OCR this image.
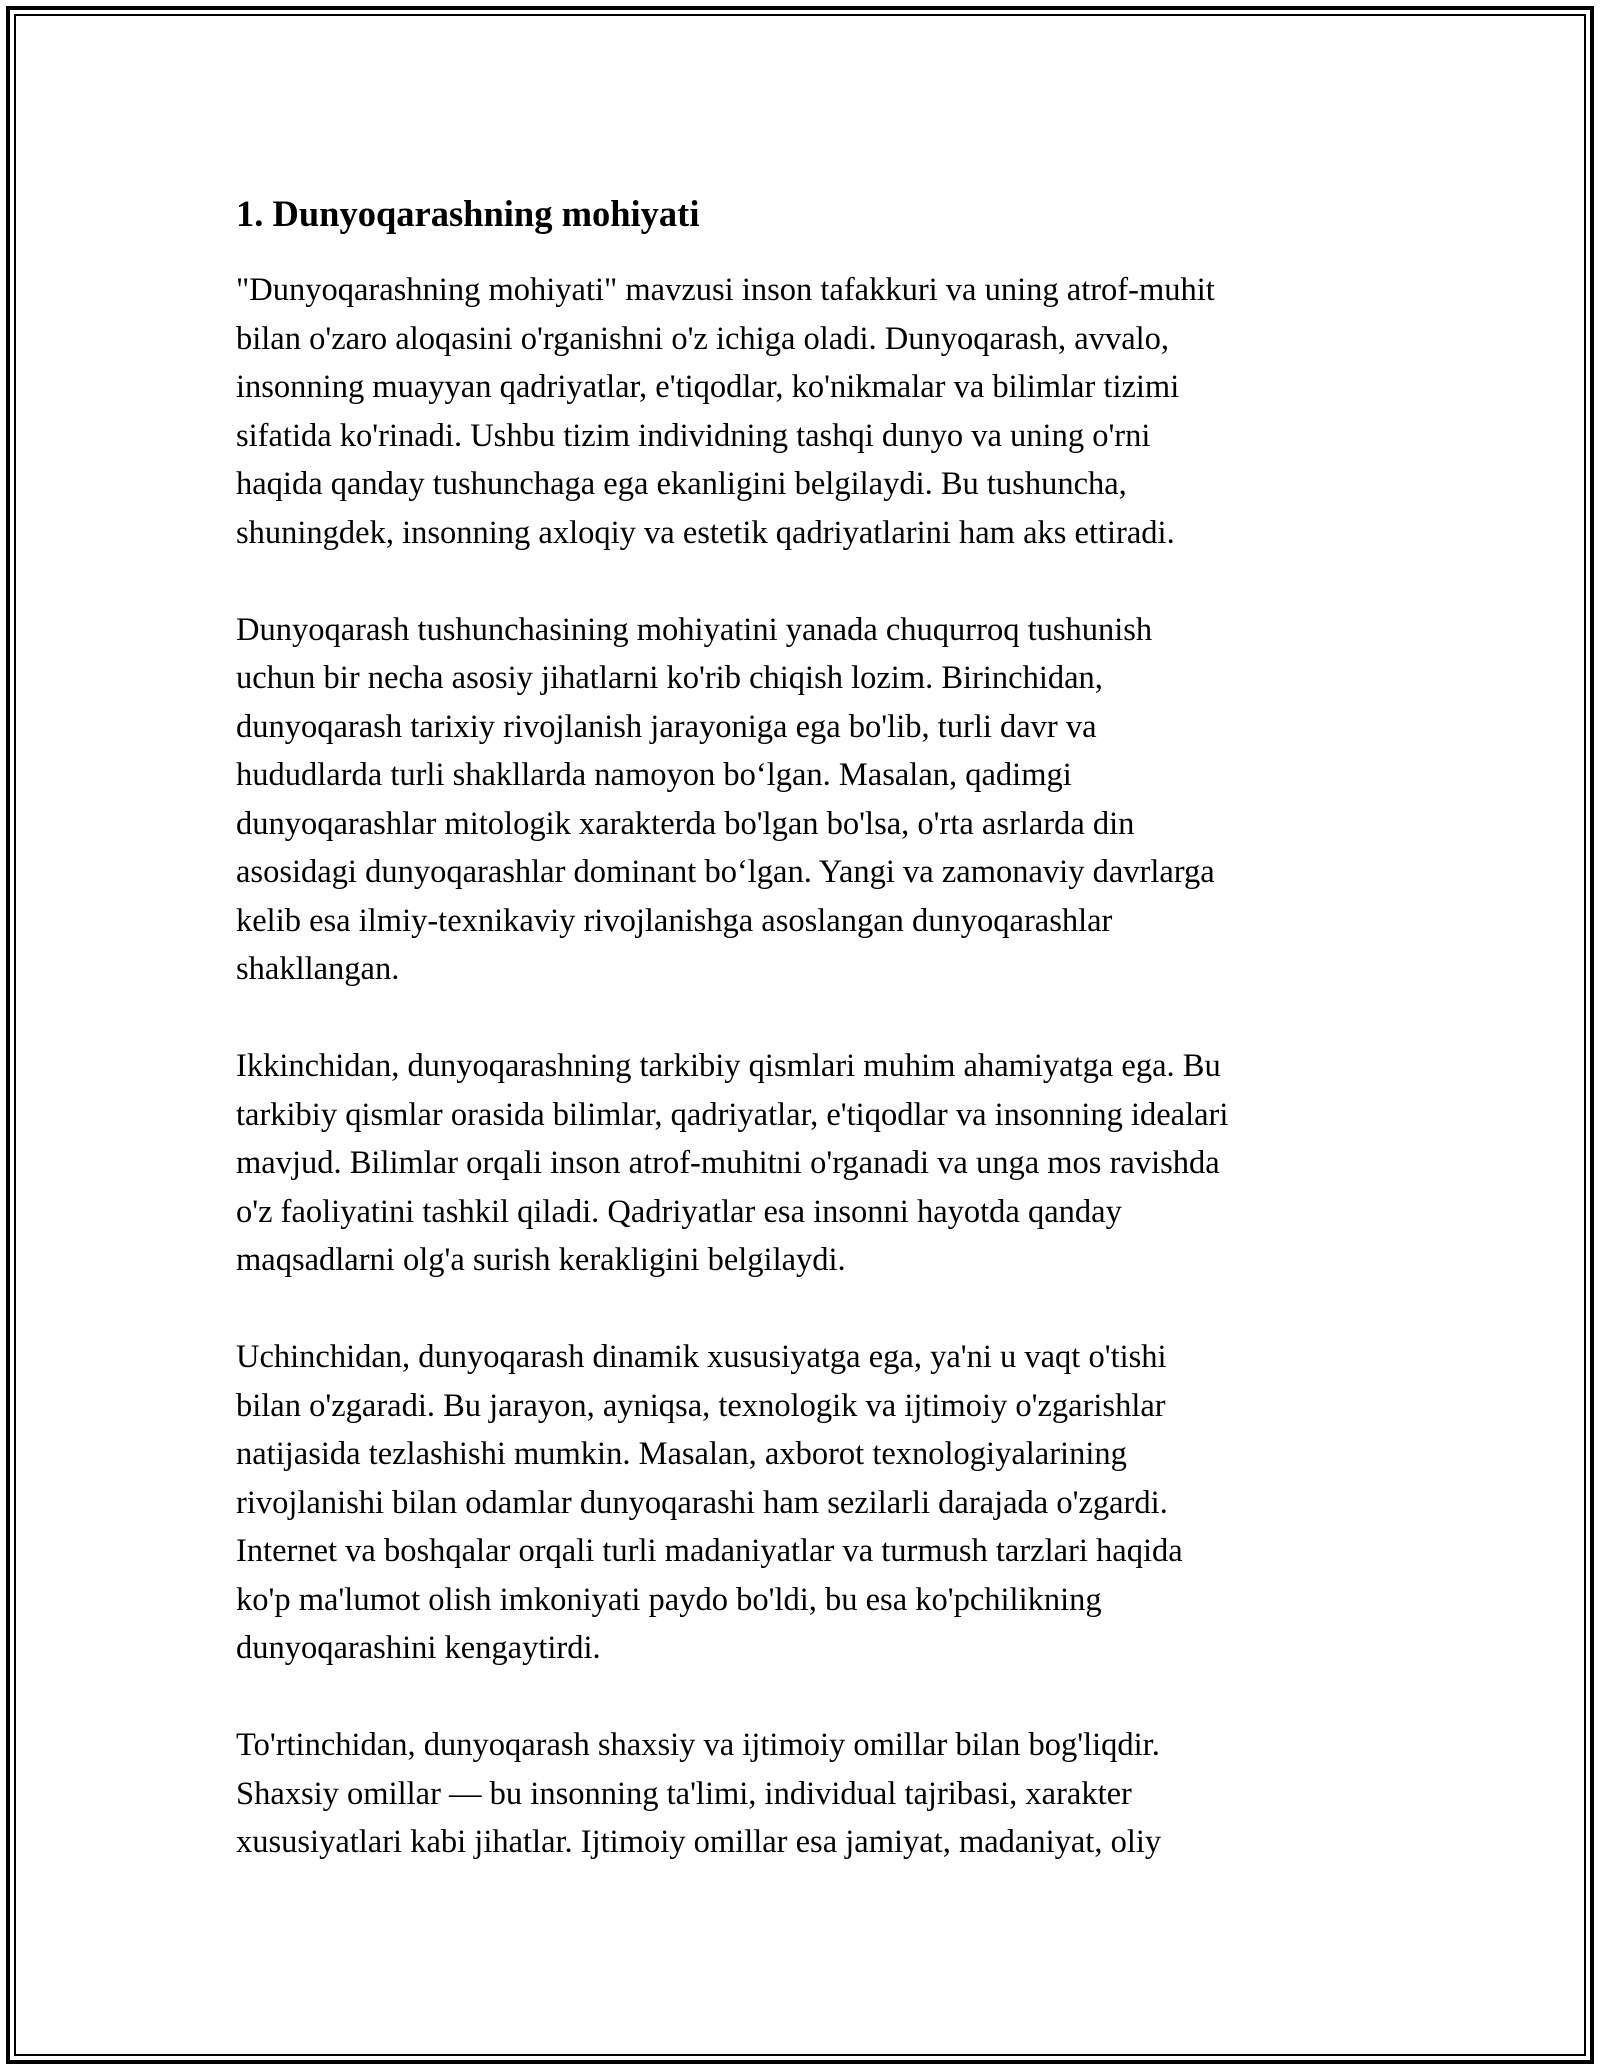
1. Dunyoqarashning mohiyati
"Dunyoqarashning mohiyati" mavzusi inson tafakkuri va uning atrof-muhit
bilan o'zaro aloqasini o'rganishni o'z ichiga oladi. Dunyoqarash, avvalo,
insonning muayyan qadriyatlar, e'tiqodlar, ko'nikmalar va bilimlar tizimi
sifatida ko'rinadi. Ushbu tizim individning tashqi dunyo va uning o'rni
haqida qanday tushunchaga ega ekanligini belgilaydi. Bu tushuncha,
shuningdek, insonning axloqiy va estetik qadriyatlarini ham aks ettiradi.
Dunyoqarash tushunchasining mohiyatini yanada chuqurroq tushunish
uchun bir necha asosiy jihatlarni ko'rib chiqish lozim. Birinchidan,
dunyoqarash tarixiy rivojlanish jarayoniga ega bo'lib, turli davr va
hududlarda turli shakllarda namoyon bo‘lgan. Masalan, qadimgi
dunyoqarashlar mitologik xarakterda bo'lgan bo'lsa, o'rta asrlarda din
asosidagi dunyoqarashlar dominant bo‘lgan. Yangi va zamonaviy davrlarga
kelib esa ilmiy-texnikaviy rivojlanishga asoslangan dunyoqarashlar
shakllangan.
Ikkinchidan, dunyoqarashning tarkibiy qismlari muhim ahamiyatga ega. Bu
tarkibiy qismlar orasida bilimlar, qadriyatlar, e'tiqodlar va insonning idealari
mavjud. Bilimlar orqali inson atrof-muhitni o'rganadi va unga mos ravishda
o'z faoliyatini tashkil qiladi. Qadriyatlar esa insonni hayotda qanday
maqsadlarni olg'a surish kerakligini belgilaydi.
Uchinchidan, dunyoqarash dinamik xususiyatga ega, ya'ni u vaqt o'tishi
bilan o'zgaradi. Bu jarayon, ayniqsa, texnologik va ijtimoiy o'zgarishlar
natijasida tezlashishi mumkin. Masalan, axborot texnologiyalarining
rivojlanishi bilan odamlar dunyoqarashi ham sezilarli darajada o'zgardi.
Internet va boshqalar orqali turli madaniyatlar va turmush tarzlari haqida
ko'p ma'lumot olish imkoniyati paydo bo'ldi, bu esa ko'pchilikning
dunyoqarashini kengaytirdi.
To'rtinchidan, dunyoqarash shaxsiy va ijtimoiy omillar bilan bog'liqdir.
Shaxsiy omillar — bu insonning ta'limi, individual tajribasi, xarakter
xususiyatlari kabi jihatlar. Ijtimoiy omillar esa jamiyat, madaniyat, oliy
